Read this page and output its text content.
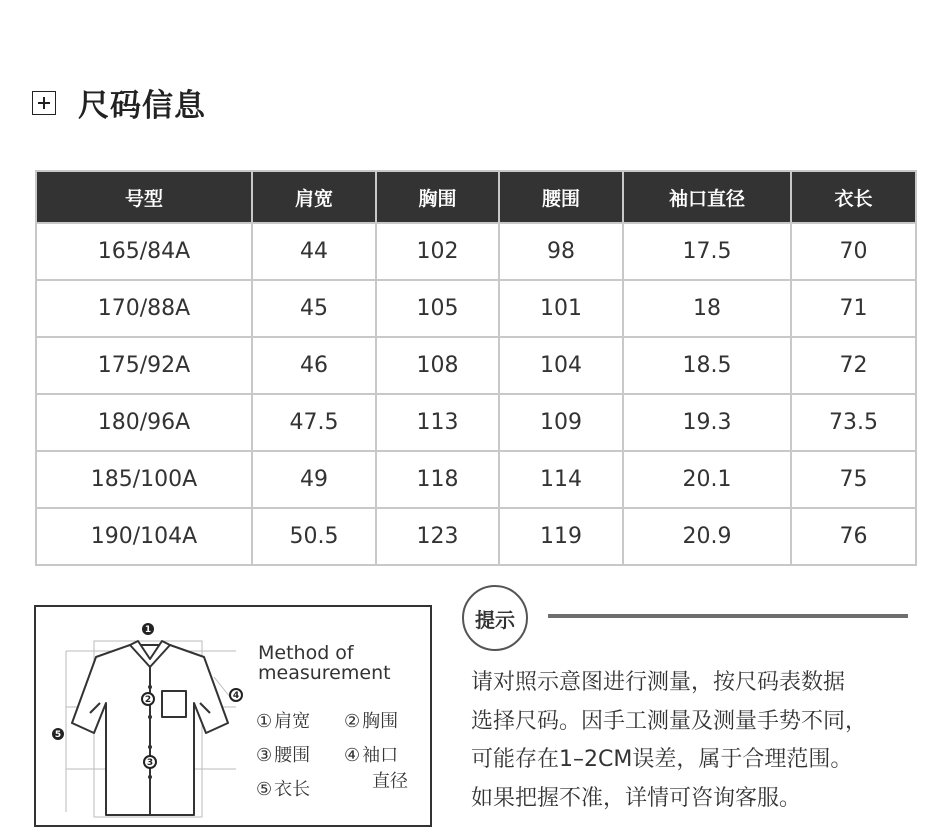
尺码信息
号型	肩宽	胸围	腰围	袖口直径	衣长
165/84A	44	102	98	17.5	70
170/88A	45	105	101	18	71
175/92A	46	108	104	18.5	72
180/96A	47.5	113	109	19.3	73.5
185/100A	49	118	114	20.1	75
190/104A	50.5	123	119	20.9	76
1
2
3
4
5
Method of
measurement
① 肩宽 ② 胸围
③ 腰围 ④ 袖口
直径
⑤ 衣长
提示
请对照示意图进行测量，按尺码表数据
选择尺码。因手工测量及测量手势不同，
可能存在1–2CM误差，属于合理范围。
如果把握不准，详情可咨询客服。
